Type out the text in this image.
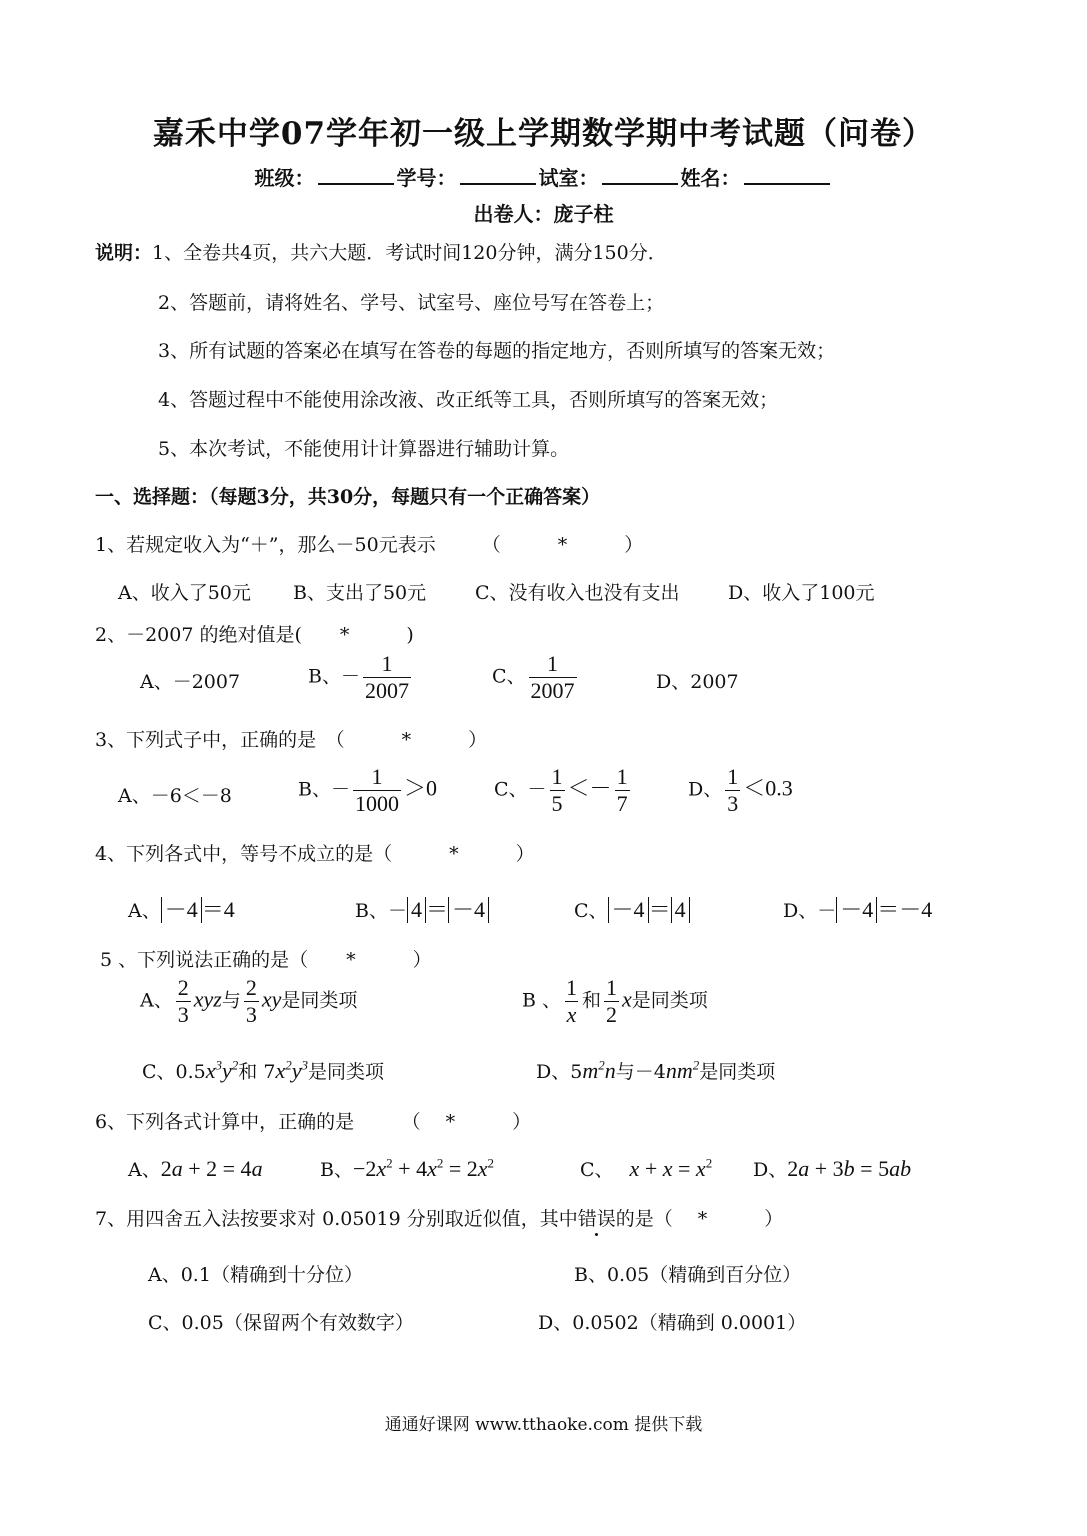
嘉禾中学07学年初一级上学期数学期中考试题（问卷）
班级：	学号：	试室：	姓名：
出卷人：庞子柱
说明：1、全卷共4页，共六大题．考试时间120分钟，满分150分．
2、答题前，请将姓名、学号、试室号、座位号写在答卷上；
3、所有试题的答案必在填写在答卷的每题的指定地方，否则所填写的答案无效；
4、答题过程中不能使用涂改液、改正纸等工具，否则所填写的答案无效；
5、本次考试，不能使用计计算器进行辅助计算。
一、选择题：（每题3分，共30分，每题只有一个正确答案）
1、若规定收入为“＋”，那么－50元表示 （　　　*　　　）
A、收入了50元 B、支出了50元	C、没有收入也没有支出	D、收入了100元
2、－2007 的绝对值是(　　*　　　)
A、－2007	B、－ $\frac{1}{2007}$	C、 $\frac{1}{2007}$	D、2007
3、下列式子中，正确的是　（　　　*　　　）
A、－6＜－8	B、－ $\frac{1}{1000} >0$	C、－ $\frac{1}{5} <- \frac{1}{7}$	D、 $\frac{1}{3} <0.3$
4、下列各式中，等号不成立的是（　　　*　　　）
A、 －4 ＝4	B、－ 4 ＝ －4	C、 －4 ＝ 4	D、－ －4 ＝－4
5 、下列说法正确的是（　　*　　　）
A、 $\frac{2}{3}$ xyz与 $\frac{2}{3}$ xy是同类项	B 、 $\frac{1}{x}$ 和 $\frac{1}{2}$ x是同类项
C、$0.5x^3y^2$和 $7x^2y^3$是同类项	D、$5m^2n$与$-4nm^2$是同类项
6、下列各式计算中，正确的是　　　（　 *　　　）
A、2a + 2 = 4a	B、$-2x^2 + 4x^2 = 2x^2$	C、 $x + x = x^2$ D、2a + 3b = 5ab
7、用四舍五入法按要求对 0.05019 分别取近似值，其中错误的是（　 *　　　）
A、0.1（精确到十分位）	B、0.05（精确到百分位）
C、0.05（保留两个有效数字）	D、0.0502（精确到 0.0001）
通通好课网 www.tthaoke.com 提供下载
